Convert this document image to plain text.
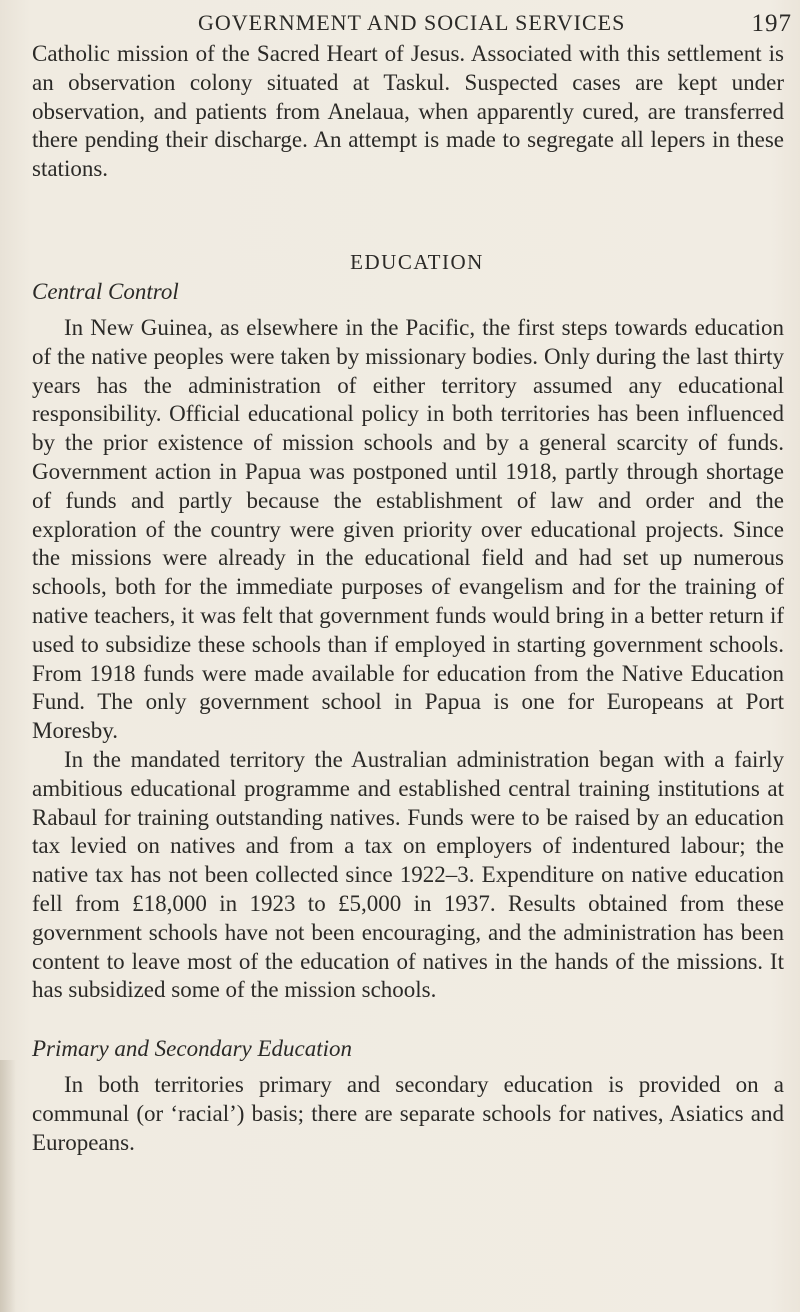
GOVERNMENT AND SOCIAL SERVICES	197

Catholic mission of the Sacred Heart of Jesus. Associated with this settlement is an observation colony situated at Taskul. Suspected cases are kept under observation, and patients from Anelaua, when apparently cured, are transferred there pending their discharge. An attempt is made to segregate all lepers in these stations.

EDUCATION
Central Control

In New Guinea, as elsewhere in the Pacific, the first steps towards education of the native peoples were taken by missionary bodies. Only during the last thirty years has the administration of either territory assumed any educational responsibility. Official educational policy in both territories has been influenced by the prior existence of mission schools and by a general scarcity of funds. Government action in Papua was postponed until 1918, partly through shortage of funds and partly because the establishment of law and order and the exploration of the country were given priority over educational projects. Since the missions were already in the educational field and had set up numerous schools, both for the immediate purposes of evangelism and for the training of native teachers, it was felt that government funds would bring in a better return if used to subsidize these schools than if employed in starting government schools. From 1918 funds were made available for education from the Native Education Fund. The only government school in Papua is one for Europeans at Port Moresby.

In the mandated territory the Australian administration began with a fairly ambitious educational programme and established central training institutions at Rabaul for training outstanding natives. Funds were to be raised by an education tax levied on natives and from a tax on employers of indentured labour; the native tax has not been collected since 1922–3. Expenditure on native education fell from £18,000 in 1923 to £5,000 in 1937. Results obtained from these government schools have not been encouraging, and the administration has been content to leave most of the education of natives in the hands of the missions. It has subsidized some of the mission schools.

Primary and Secondary Education

In both territories primary and secondary education is provided on a communal (or ‘racial’) basis; there are separate schools for natives, Asiatics and Europeans.
